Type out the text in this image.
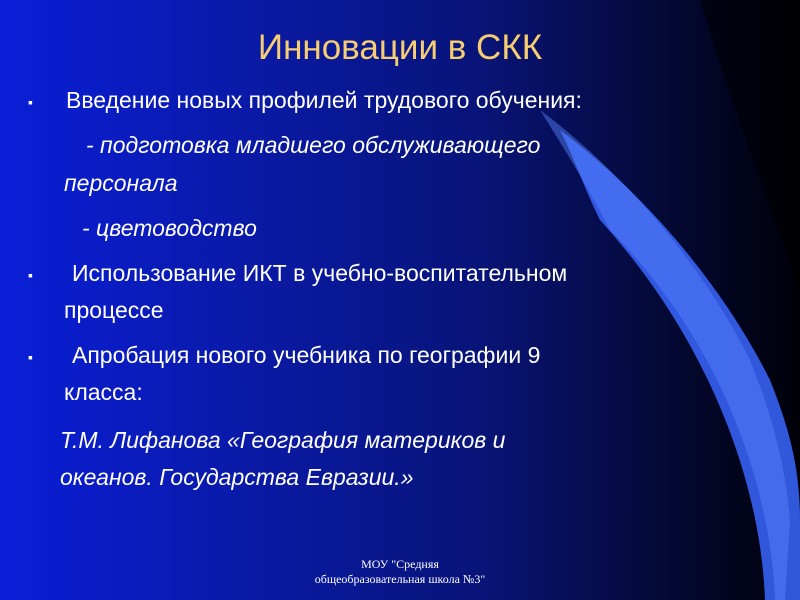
Инновации в СКК
▪ Введение новых профилей трудового обучения:
- подготовка младшего обслуживающего
персонала
- цветоводство
▪ Использование ИКТ в учебно-воспитательном
процессе
▪ Апробация нового учебника по географии 9
класса:
Т.М. Лифанова «География материков и
океанов. Государства Евразии.»
МОУ "Средняя
общеобразовательная школа №3"
